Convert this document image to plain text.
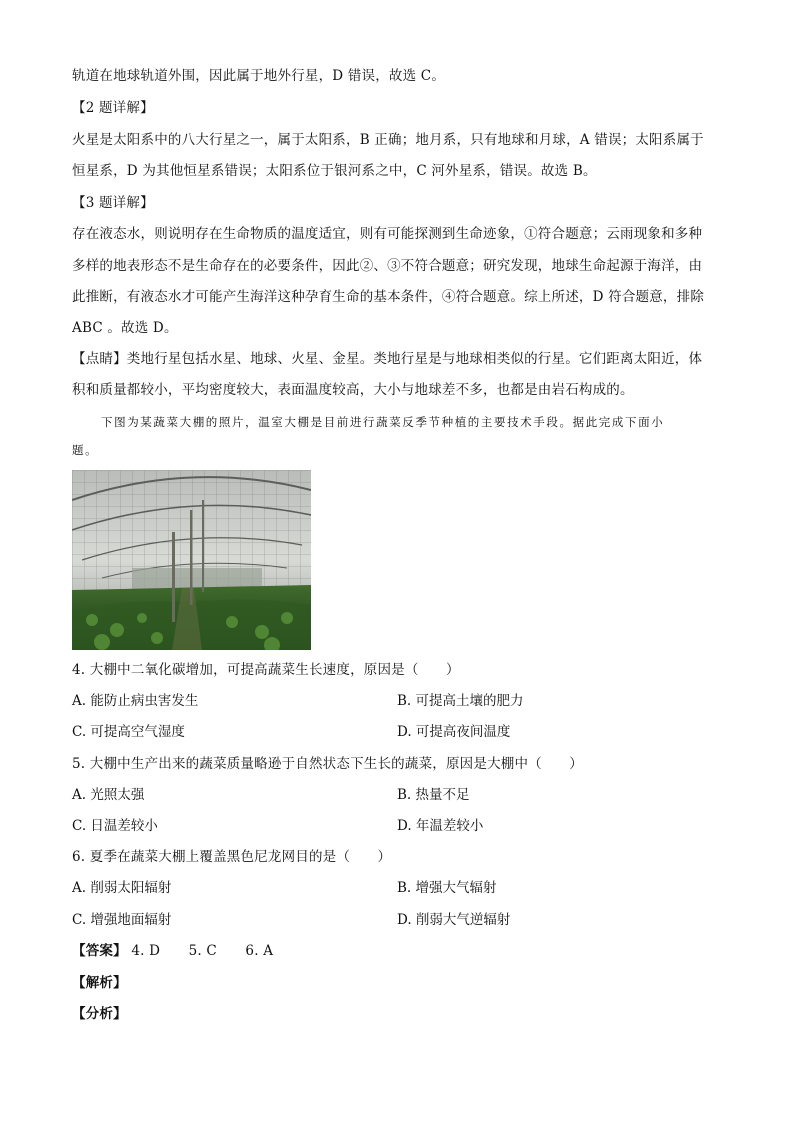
轨道在地球轨道外围，因此属于地外行星，D 错误，故选 C。
【2 题详解】
火星是太阳系中的八大行星之一，属于太阳系，B 正确；地月系，只有地球和月球，A 错误；太阳系属于
恒星系，D 为其他恒星系错误；太阳系位于银河系之中，C 河外星系，错误。故选 B。
【3 题详解】
存在液态水，则说明存在生命物质的温度适宜，则有可能探测到生命迹象，①符合题意；云雨现象和多种
多样的地表形态不是生命存在的必要条件，因此②、③不符合题意；研究发现，地球生命起源于海洋，由
此推断，有液态水才可能产生海洋这种孕育生命的基本条件，④符合题意。综上所述，D 符合题意，排除
ABC 。故选 D。
【点睛】类地行星包括水星、地球、火星、金星。类地行星是与地球相类似的行星。它们距离太阳近，体
积和质量都较小，平均密度较大，表面温度较高，大小与地球差不多，也都是由岩石构成的。
下图为某蔬菜大棚的照片，温室大棚是目前进行蔬菜反季节种植的主要技术手段。据此完成下面小
题。
4. 大棚中二氧化碳增加，可提高蔬菜生长速度，原因是（　　）
A. 能防止病虫害发生	B. 可提高土壤的肥力
C. 可提高空气湿度	D. 可提高夜间温度
5. 大棚中生产出来的蔬菜质量略逊于自然状态下生长的蔬菜，原因是大棚中（　　）
A. 光照太强	B. 热量不足
C. 日温差较小	D. 年温差较小
6. 夏季在蔬菜大棚上覆盖黑色尼龙网目的是（　　）
A. 削弱太阳辐射	B. 增强大气辐射
C. 增强地面辐射	D. 削弱大气逆辐射
【答案】 4. D 5. C 6. A
【解析】
【分析】
